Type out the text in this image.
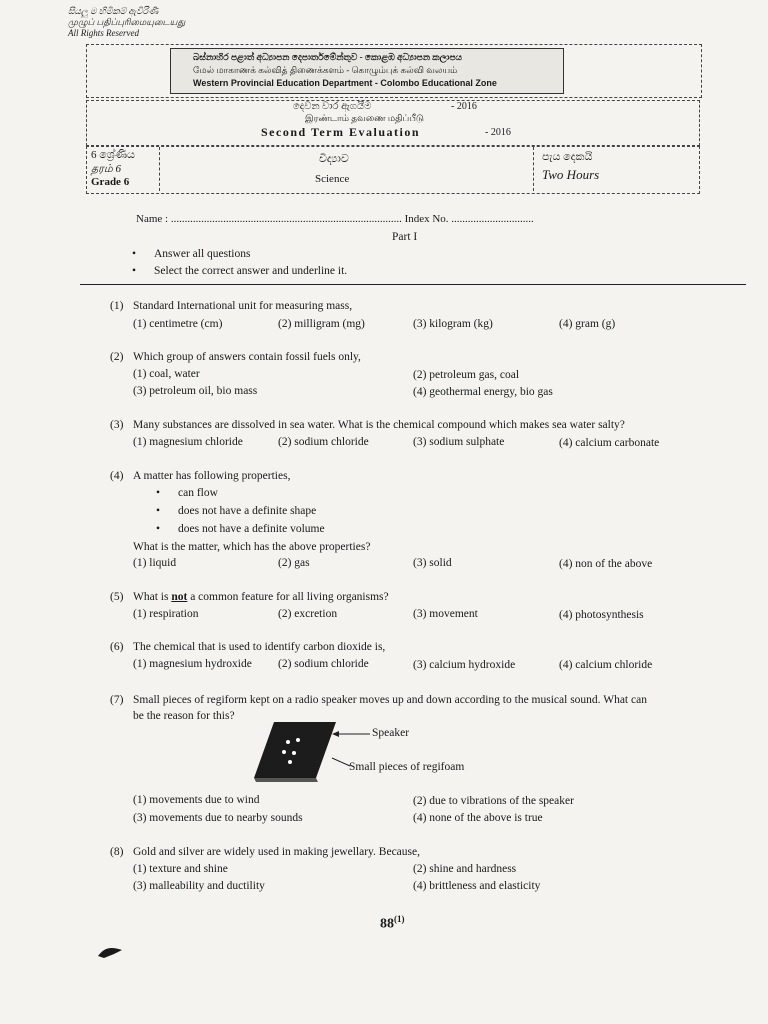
සියලු ම හිමිකම් ඇවිරිණි
முழுப் பதிப்புரிமையுடையது
All Rights Reserved
බස්නාහිර පළාත් අධ්‍යාපන දෙපාර්තමේන්තුව - කොළඹ අධ්‍යාපන කලාපය
மேல் மாகாணக் கல்வித் திணைக்களம் - கொழும்புக் கல்வி வலயம்
Western Provincial Education Department - Colombo Educational Zone
දෙවන වාර ඇගයීම	- 2016
இரண்டாம் தவணை மதிப்பீடு
Second Term Evaluation	- 2016
6 ශ්‍රේණිය
தரம் 6
Grade 6
විද්‍යාව
Science
පැය දෙකයි
Two Hours
Name : .................................................................................... Index No. ..............................
Part I
• Answer all questions
• Select the correct answer and underline it.
(1) Standard International unit for measuring mass,
(1) centimetre (cm)	(2) milligram (mg)	(3) kilogram (kg)	(4) gram (g)
(2) Which group of answers contain fossil fuels only,
(1) coal, water	(2) petroleum gas, coal
(3) petroleum oil, bio mass	(4) geothermal energy, bio gas
(3) Many substances are dissolved in sea water. What is the chemical compound which makes sea water salty?
(1) magnesium chloride	(2) sodium chloride	(3) sodium sulphate	(4) calcium carbonate
(4) A matter has following properties,
• can flow
• does not have a definite shape
• does not have a definite volume
What is the matter, which has the above properties?
(1) liquid	(2) gas	(3) solid	(4) non of the above
(5) What is not a common feature for all living organisms?
(1) respiration	(2) excretion	(3) movement	(4) photosynthesis
(6) The chemical that is used to identify carbon dioxide is,
(1) magnesium hydroxide (2) sodium chloride	(3) calcium hydroxide	(4) calcium chloride
(7) Small pieces of regiform kept on a radio speaker moves up and down according to the musical sound. What can
be the reason for this?
Speaker
Small pieces of regifoam
(1) movements due to wind	(2) due to vibrations of the speaker
(3) movements due to nearby sounds	(4) none of the above is true
(8) Gold and silver are widely used in making jewellary. Because,
(1) texture and shine	(2) shine and hardness
(3) malleability and ductility	(4) brittleness and elasticity
88$^{(1)}$
